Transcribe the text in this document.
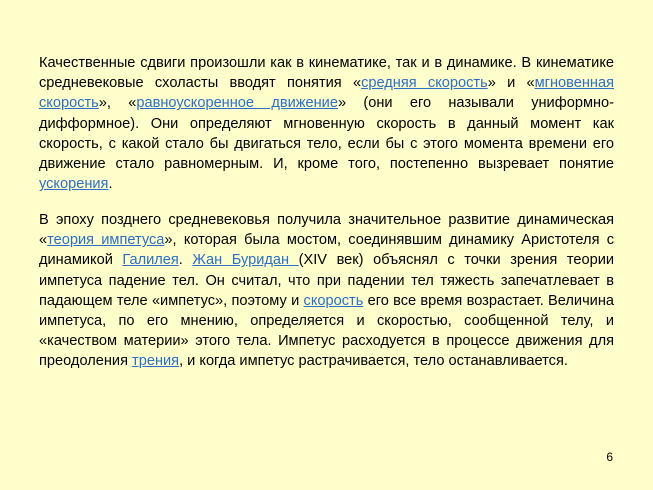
Качественные сдвиги произошли как в кинематике, так и в динамике. В кинематике средневековые схоласты вводят понятия «средняя скорость» и «мгновенная скорость», «равноускоренное движение» (они его называли униформно-дифформное). Они определяют мгновенную скорость в данный момент как скорость, с какой стало бы двигаться тело, если бы с этого момента времени его движение стало равномерным. И, кроме того, постепенно вызревает понятие ускорения.

В эпоху позднего средневековья получила значительное развитие динамическая «теория импетуса», которая была мостом, соединявшим динамику Аристотеля с динамикой Галилея. Жан Буридан (XIV век) объяснял с точки зрения теории импетуса падение тел. Он считал, что при падении тел тяжесть запечатлевает в падающем теле «импетус», поэтому и скорость его все время возрастает. Величина импетуса, по его мнению, определяется и скоростью, сообщенной телу, и «качеством материи» этого тела. Импетус расходуется в процессе движения для преодоления трения, и когда импетус растрачивается, тело останавливается.

6
